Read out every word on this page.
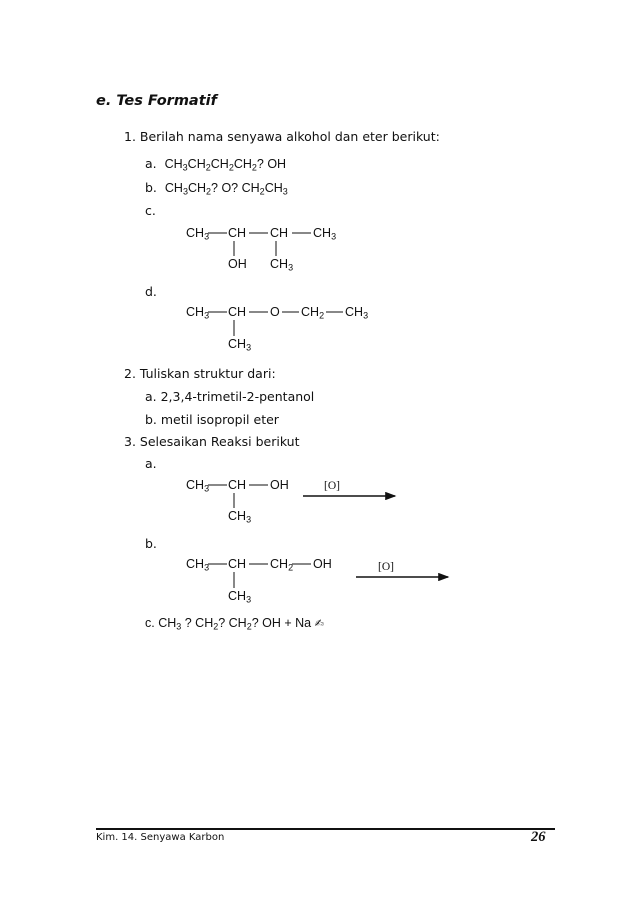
e. Tes Formatif
1. Berilah nama senyawa alkohol dan eter berikut:
a. $CH_3CH_2CH_2CH_2$? OH
b. $CH_3CH_2$? O? $CH_2CH_3$
c.
$CH_3$ CH CH $CH_3$
OH $CH_3$
d.
$CH_3$ CH O $CH_2$ $CH_3$
$CH_3$
2. Tuliskan struktur dari:
a. 2,3,4-trimetil-2-pentanol
b. metil isopropil eter
3. Selesaikan Reaksi berikut
a.
$CH_3$ CH OH
$CH_3$
[O]
b.
$CH_3$ CH $CH_2$ OH
$CH_3$
[O]
c. $CH_3$ ? $CH_2$? $CH_2$? OH + Na ✍
Kim. 14. Senyawa Karbon	26
